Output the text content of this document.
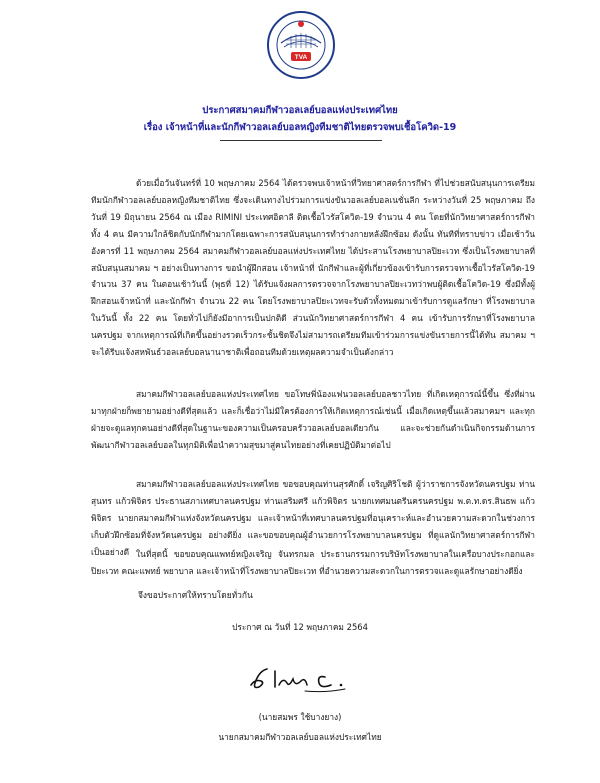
TVA
ประกาศสมาคมกีฬาวอลเลย์บอลแห่งประเทศไทย
เรื่อง เจ้าหน้าที่และนักกีฬาวอลเลย์บอลหญิงทีมชาติไทยตรวจพบเชื้อโควิด-19

ด้วยเมื่อวันจันทร์ที่ 10 พฤษภาคม 2564 ได้ตรวจพบเจ้าหน้าที่วิทยาศาสตร์การกีฬา ที่ไปช่วยสนับสนุนการเตรียมทีมนักกีฬาวอลเลย์บอลหญิงทีมชาติไทย ซึ่งจะเดินทางไปร่วมการแข่งขันวอลเลย์บอลเนชั่นลีก ระหว่างวันที่ 25 พฤษภาคม ถึงวันที่ 19 มิถุนายน 2564 ณ เมือง RIMINI ประเทศอิตาลี ติดเชื้อไวรัสโควิด-19 จำนวน 4 คน โดยที่นักวิทยาศาสตร์การกีฬาทั้ง 4 คน มีความใกล้ชิดกับนักกีฬามากโดยเฉพาะการสนับสนุนการทำร่างกายหลังฝึกซ้อม ดังนั้น ทันทีที่ทราบข่าว เมื่อเช้าวันอังคารที่ 11 พฤษภาคม 2564 สมาคมกีฬาวอลเลย์บอลแห่งประเทศไทย ได้ประสานโรงพยาบาลปิยะเวท ซึ่งเป็นโรงพยาบาลที่สนับสนุนสมาคม ฯ อย่างเป็นทางการ ขอนำผู้ฝึกสอน เจ้าหน้าที่ นักกีฬาและผู้ที่เกี่ยวข้องเข้ารับการตรวจหาเชื้อไวรัสโควิด-19 จำนวน 37 คน ในตอนเช้าวันนี้ (พุธที่ 12) ได้รับแจ้งผลการตรวจจากโรงพยาบาลปิยะเวทว่าพบผู้ติดเชื้อโควิด-19 ซึ่งมีทั้งผู้ฝึกสอนเจ้าหน้าที่ และนักกีฬา จำนวน 22 คน โดยโรงพยาบาลปิยะเวทจะรับตัวทั้งหมดมาเข้ารับการดูแลรักษา ที่โรงพยาบาลในวันนี้ ทั้ง 22 คน โดยทั่วไปก็ยังมีอาการเป็นปกติดี ส่วนนักวิทยาศาสตร์การกีฬา 4 คน เข้ารับการรักษาที่โรงพยาบาลนครปฐม จากเหตุการณ์ที่เกิดขึ้นอย่างรวดเร็วกระชั้นชิดจึงไม่สามารถเตรียมทีมเข้าร่วมการแข่งขันรายการนี้ได้ทัน สมาคม ฯ จะได้รีบแจ้งสหพันธ์วอลเลย์บอลนานาชาติเพื่อถอนทีมด้วยเหตุผลความจำเป็นดังกล่าว

สมาคมกีฬาวอลเลย์บอลแห่งประเทศไทย ขอโทษพี่น้องแฟนวอลเลย์บอลชาวไทย ที่เกิดเหตุการณ์นี้ขึ้น ซึ่งที่ผ่านมาทุกฝ่ายก็พยายามอย่างดีที่สุดแล้ว และก็เชื่อว่าไม่มีใครต้องการให้เกิดเหตุการณ์เช่นนี้ เมื่อเกิดเหตุขึ้นแล้วสมาคมฯ และทุกฝ่ายจะดูแลทุกคนอย่างดีที่สุดในฐานะของความเป็นครอบครัววอลเลย์บอลเดียวกัน และจะช่วยกันดำเนินกิจกรรมด้านการพัฒนากีฬาวอลเลย์บอลในทุกมิติเพื่อนำความสุขมาสู่คนไทยอย่างที่เคยปฏิบัติมาต่อไป

สมาคมกีฬาวอลเลย์บอลแห่งประเทศไทย ขอขอบคุณท่านสุรศักดิ์ เจริญศิริโชติ ผู้ว่าราชการจังหวัดนครปฐม ท่านสุนทร แก้วพิจิตร ประธานสภาเทศบาลนครปฐม ท่านเสริมศรี แก้วพิจิตร นายกเทศมนตรีนครนครปฐม พ.ต.ท.ดร.สินธพ แก้วพิจิตร นายกสมาคมกีฬาแห่งจังหวัดนครปฐม และเจ้าหน้าที่เทศบาลนครปฐมที่อนุเคราะห์และอำนวยความสะดวกในช่วงการเก็บตัวฝึกซ้อมที่จังหวัดนครปฐม อย่างดียิ่ง และขอขอบคุณผู้อำนวยการโรงพยาบาลนครปฐม ที่ดูแลนักวิทยาศาสตร์การกีฬาเป็นอย่างดี ในที่สุดนี้ ขอขอบคุณแพทย์หญิงเจริญ จันทรกมล ประธานกรรมการบริษัทโรงพยาบาลในเครือบางประกอกและปิยะเวท คณะแพทย์ พยาบาล และเจ้าหน้าที่โรงพยาบาลปิยะเวท ที่อำนวยความสะดวกในการตรวจและดูแลรักษาอย่างดียิ่ง

จึงขอประกาศให้ทราบโดยทั่วกัน
ประกาศ ณ วันที่ 12 พฤษภาคม 2564
(นายสมพร ใช้บางยาง)
นายกสมาคมกีฬาวอลเลย์บอลแห่งประเทศไทย
